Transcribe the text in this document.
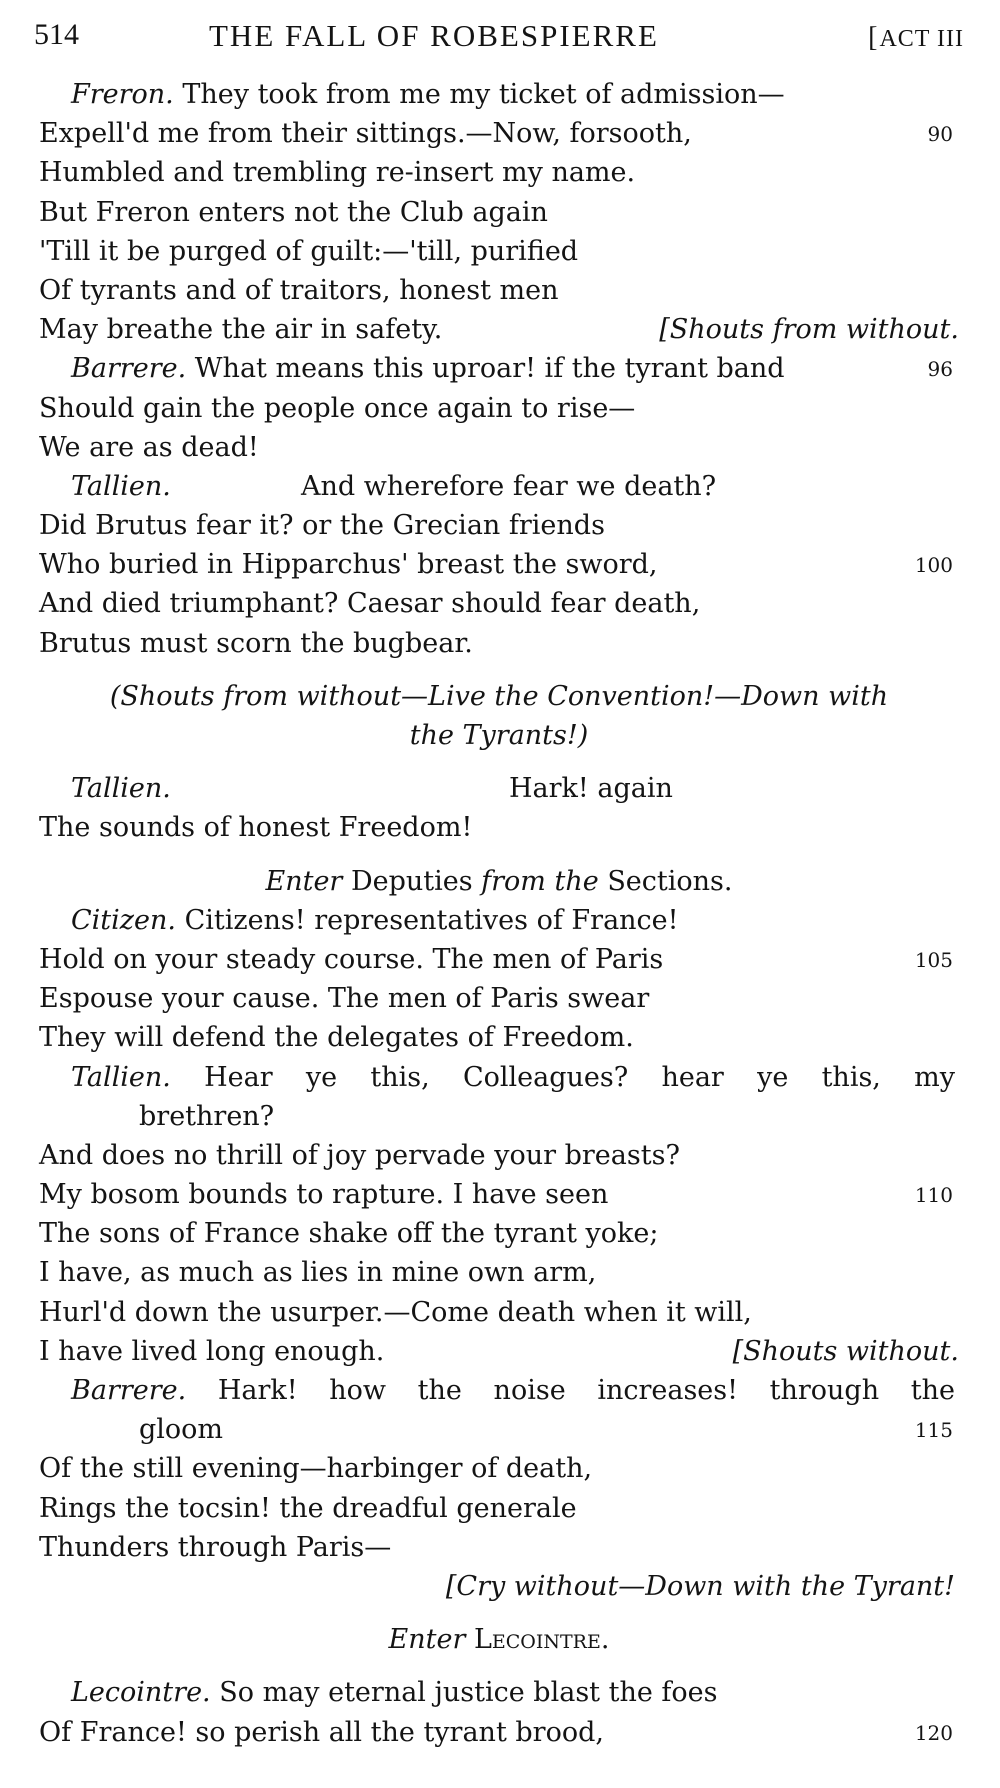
514	THE FALL OF ROBESPIERRE	[ACT III
Freron. They took from me my ticket of admission—
Expell'd me from their sittings.—Now, forsooth,	90
Humbled and trembling re-insert my name.
But Freron enters not the Club again
'Till it be purged of guilt:—'till, purified
Of tyrants and of traitors, honest men
May breathe the air in safety.	[Shouts from without.
Barrere. What means this uproar! if the tyrant band	96
Should gain the people once again to rise—
We are as dead!
Tallien.	And wherefore fear we death?
Did Brutus fear it? or the Grecian friends
Who buried in Hipparchus' breast the sword,	100
And died triumphant? Caesar should fear death,
Brutus must scorn the bugbear.
(Shouts from without—Live the Convention!—Down with
the Tyrants!)
Tallien.	Hark! again
The sounds of honest Freedom!
Enter Deputies from the Sections.
Citizen. Citizens! representatives of France!
Hold on your steady course. The men of Paris	105
Espouse your cause. The men of Paris swear
They will defend the delegates of Freedom.
Tallien. Hear ye this, Colleagues? hear ye this, my
brethren?
And does no thrill of joy pervade your breasts?
My bosom bounds to rapture. I have seen	110
The sons of France shake off the tyrant yoke;
I have, as much as lies in mine own arm,
Hurl'd down the usurper.—Come death when it will,
I have lived long enough.	[Shouts without.
Barrere. Hark! how the noise increases! through the
gloom	115
Of the still evening—harbinger of death,
Rings the tocsin! the dreadful generale
Thunders through Paris—
[Cry without—Down with the Tyrant!
Enter Lecointre.
Lecointre. So may eternal justice blast the foes
Of France! so perish all the tyrant brood,	120
